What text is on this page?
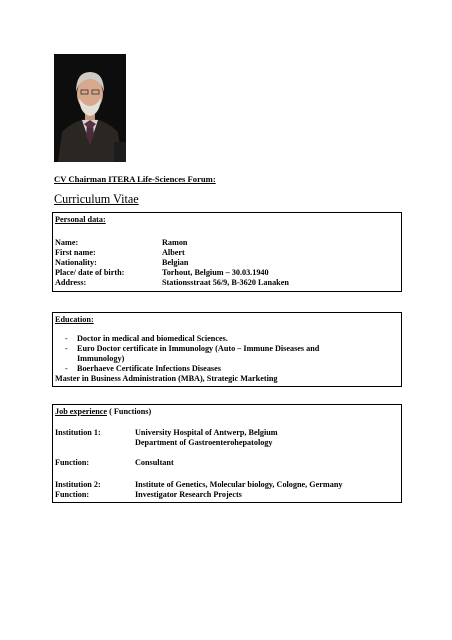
CV Chairman ITERA Life-Sciences Forum:
Curriculum Vitae
Personal data:
Name:	Ramon
First name:	Albert
Nationality:	Belgian
Place/ date of birth:	Torhout, Belgium – 30.03.1940
Address:	Stationsstraat 56/9, B-3620 Lanaken
Education:
- Doctor in medical and biomedical Sciences.
- Euro Doctor certificate in Immunology (Auto – Immune Diseases and
Immunology)
- Boerhaeve Certificate Infections Diseases
Master in Business Administration (MBA), Strategic Marketing
Job experience ( Functions)
Institution 1:	University Hospital of Antwerp, Belgium
Department of Gastroenterohepatology
Function:	Consultant
Institution 2:	Institute of Genetics, Molecular biology, Cologne, Germany
Function:	Investigator Research Projects
